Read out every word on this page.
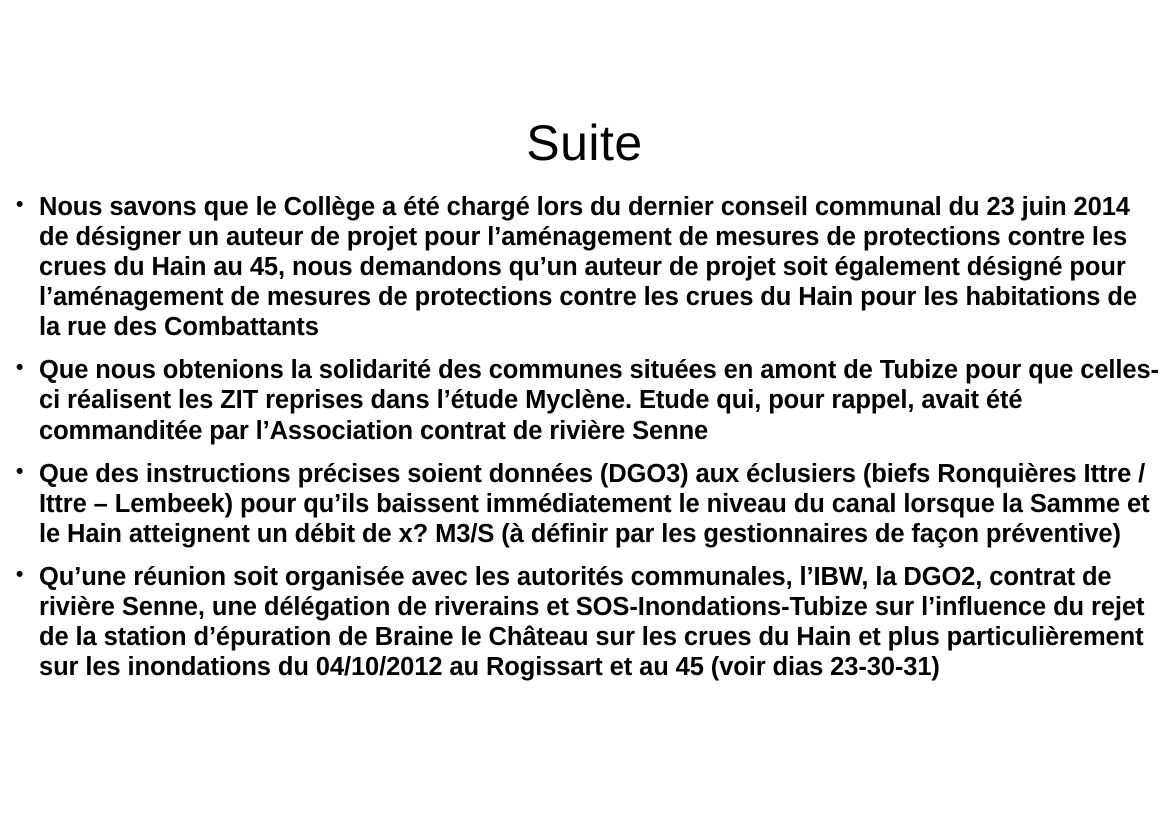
Suite
• Nous savons que le Collège a été chargé lors du dernier conseil communal du 23 juin 2014 de désigner un auteur de projet pour l’aménagement de mesures de protections contre les crues du Hain au 45, nous demandons qu’un auteur de projet soit également désigné pour l’aménagement de mesures de protections contre les crues du Hain pour les habitations de la rue des Combattants
• Que nous obtenions la solidarité des communes situées en amont de Tubize pour que celles-ci réalisent les ZIT reprises dans l’étude Myclène. Etude qui, pour rappel, avait été commanditée par l’Association contrat de rivière Senne
• Que des instructions précises soient données (DGO3) aux éclusiers (biefs Ronquières Ittre / Ittre – Lembeek) pour qu’ils baissent immédiatement le niveau du canal lorsque la Samme et le Hain atteignent un débit de x? M3/S (à définir par les gestionnaires de façon préventive)
• Qu’une réunion soit organisée avec les autorités communales, l’IBW, la DGO2, contrat de rivière Senne, une délégation de riverains et SOS-Inondations-Tubize sur l’influence du rejet de la station d’épuration de Braine le Château sur les crues du Hain et plus particulièrement sur les inondations du 04/10/2012 au Rogissart et au 45 (voir dias 23-30-31)
